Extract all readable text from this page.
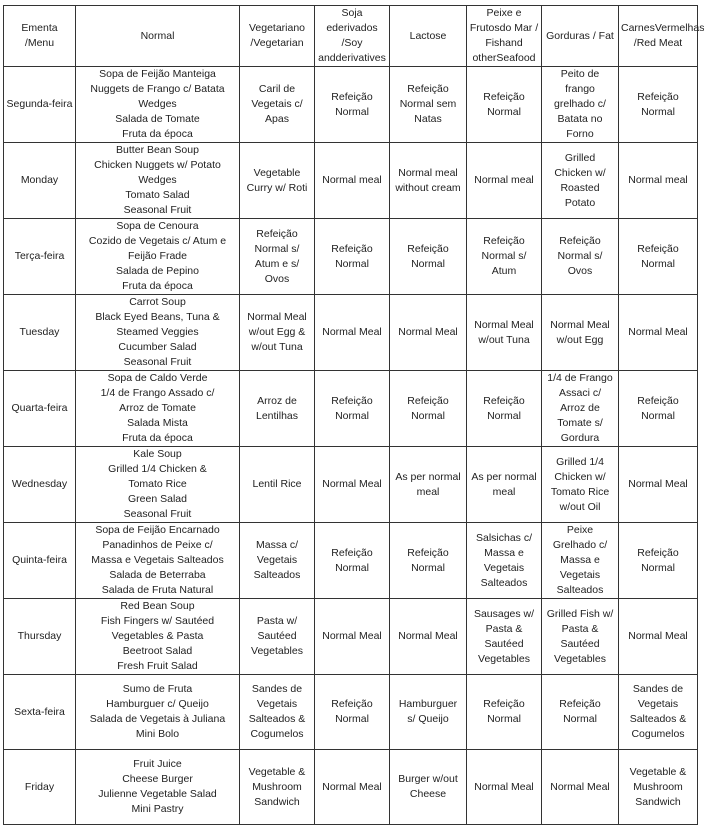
Ementa /Menu	Normal	Vegetariano /Vegetarian	Soja ederivados /Soy andderivatives	Lactose	Peixe e Frutosdo Mar / Fishand otherSeafood	Gorduras / Fat	CarnesVermelhas /Red Meat
Segunda-feira	Sopa de Feijão Manteiga
Nuggets de Frango c/ Batata
Wedges
Salada de Tomate
Fruta da época	Caril de
Vegetais c/
Apas	Refeição
Normal	Refeição
Normal sem
Natas	Refeição
Normal	Peito de
frango
grelhado c/
Batata no
Forno	Refeição
Normal

Monday	Butter Bean Soup
Chicken Nuggets w/ Potato
Wedges
Tomato Salad
Seasonal Fruit	Vegetable
Curry w/ Roti	Normal meal	Normal meal
without cream	Normal meal	Grilled
Chicken w/
Roasted
Potato	Normal meal

Terça-feira	Sopa de Cenoura
Cozido de Vegetais c/ Atum e
Feijão Frade
Salada de Pepino
Fruta da época	Refeição
Normal s/
Atum e s/
Ovos	Refeição
Normal	Refeição
Normal	Refeição
Normal s/
Atum	Refeição
Normal s/
Ovos	Refeição
Normal

Tuesday	Carrot Soup
Black Eyed Beans, Tuna &
Steamed Veggies
Cucumber Salad
Seasonal Fruit	Normal Meal
w/out Egg &
w/out Tuna	Normal Meal	Normal Meal	Normal Meal
w/out Tuna	Normal Meal
w/out Egg	Normal Meal

Quarta-feira	Sopa de Caldo Verde
1/4 de Frango Assado c/
Arroz de Tomate
Salada Mista
Fruta da época	Arroz de
Lentilhas	Refeição
Normal	Refeição
Normal	Refeição
Normal	1/4 de Frango
Assaci c/
Arroz de
Tomate s/
Gordura	Refeição
Normal

Wednesday	Kale Soup
Grilled 1/4 Chicken &
Tomato Rice
Green Salad
Seasonal Fruit	Lentil Rice	Normal Meal	As per normal
meal	As per normal
meal	Grilled 1/4
Chicken w/
Tomato Rice
w/out Oil	Normal Meal

Quinta-feira	Sopa de Feijão Encarnado
Panadinhos de Peixe c/
Massa e Vegetais Salteados
Salada de Beterraba
Salada de Fruta Natural	Massa c/
Vegetais
Salteados	Refeição
Normal	Refeição
Normal	Salsichas c/
Massa e
Vegetais
Salteados	Peixe
Grelhado c/
Massa e
Vegetais
Salteados	Refeição
Normal

Thursday	Red Bean Soup
Fish Fingers w/ Sautéed
Vegetables & Pasta
Beetroot Salad
Fresh Fruit Salad	Pasta w/
Sautéed
Vegetables	Normal Meal	Normal Meal	Sausages w/
Pasta &
Sautéed
Vegetables	Grilled Fish w/
Pasta &
Sautéed
Vegetables	Normal Meal

Sexta-feira	Sumo de Fruta
Hamburguer c/ Queijo
Salada de Vegetais à Juliana
Mini Bolo	Sandes de
Vegetais
Salteados &
Cogumelos	Refeição
Normal	Hamburguer
s/ Queijo	Refeição
Normal	Refeição
Normal	Sandes de
Vegetais
Salteados &
Cogumelos

Friday	Fruit Juice
Cheese Burger
Julienne Vegetable Salad
Mini Pastry	Vegetable &
Mushroom
Sandwich	Normal Meal	Burger w/out
Cheese	Normal Meal	Normal Meal	Vegetable &
Mushroom
Sandwich
